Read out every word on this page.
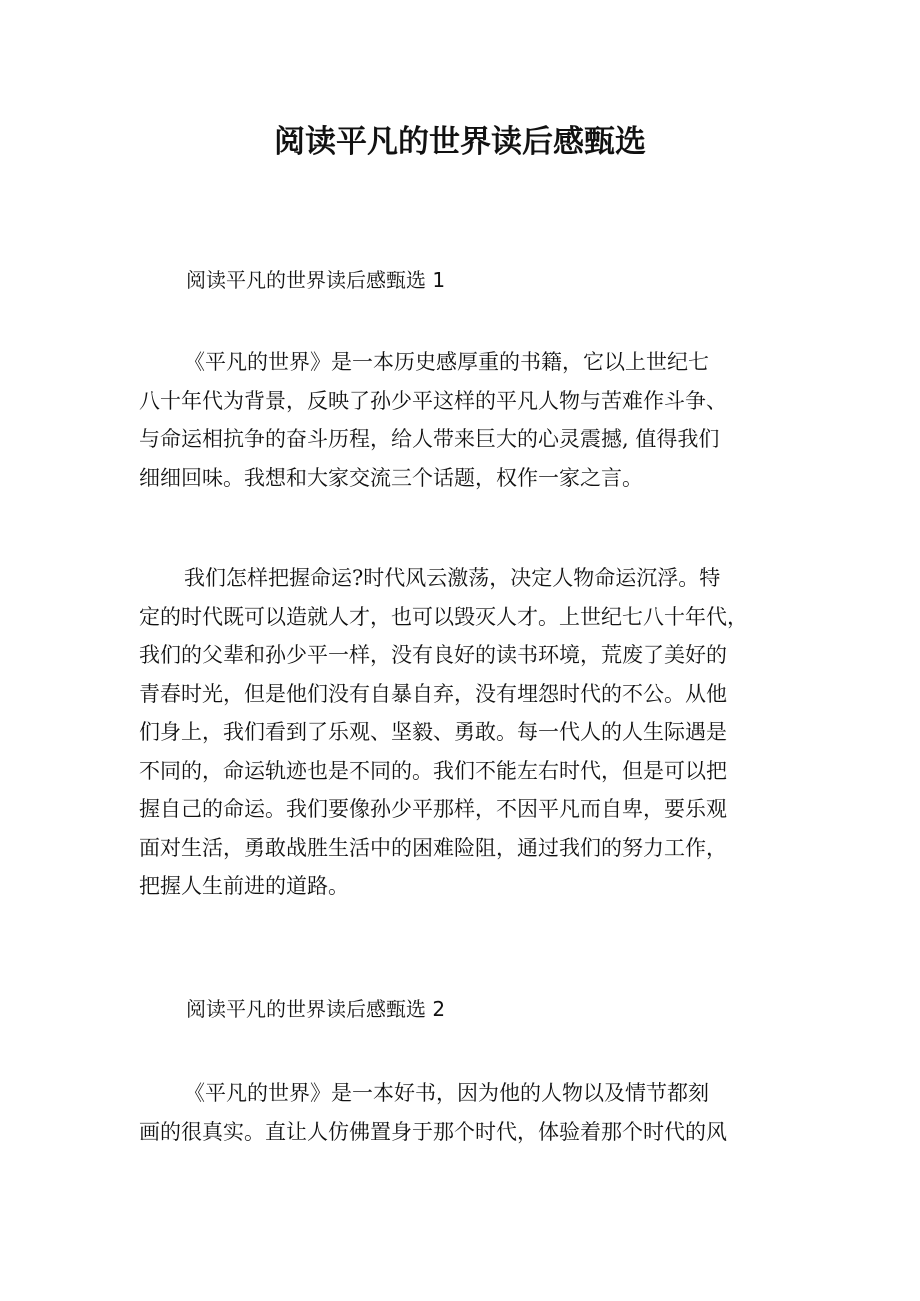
阅读平凡的世界读后感甄选
阅读平凡的世界读后感甄选 1
《平凡的世界》是一本历史感厚重的书籍，它以上世纪七
八十年代为背景，反映了孙少平这样的平凡人物与苦难作斗争、
与命运相抗争的奋斗历程，给人带来巨大的心灵震撼, 值得我们
细细回味。我想和大家交流三个话题，权作一家之言。
我们怎样把握命运?时代风云激荡，决定人物命运沉浮。特
定的时代既可以造就人才，也可以毁灭人才。上世纪七八十年代，
我们的父辈和孙少平一样，没有良好的读书环境，荒废了美好的
青春时光，但是他们没有自暴自弃，没有埋怨时代的不公。从他
们身上，我们看到了乐观、坚毅、勇敢。每一代人的人生际遇是
不同的，命运轨迹也是不同的。我们不能左右时代，但是可以把
握自己的命运。我们要像孙少平那样，不因平凡而自卑，要乐观
面对生活，勇敢战胜生活中的困难险阻，通过我们的努力工作，
把握人生前进的道路。
阅读平凡的世界读后感甄选 2
《平凡的世界》是一本好书，因为他的人物以及情节都刻
画的很真实。直让人仿佛置身于那个时代，体验着那个时代的风
